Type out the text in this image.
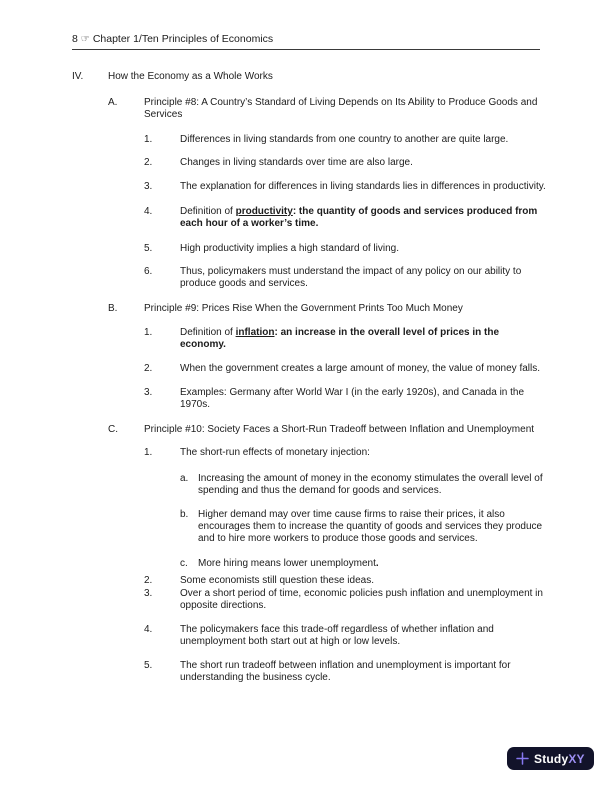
8 ☞ Chapter 1/Ten Principles of Economics
IV.	How the Economy as a Whole Works
A.	Principle #8: A Country’s Standard of Living Depends on Its Ability to Produce Goods and Services
1.	Differences in living standards from one country to another are quite large.
2.	Changes in living standards over time are also large.
3.	The explanation for differences in living standards lies in differences in productivity.
4.	Definition of productivity: the quantity of goods and services produced from each hour of a worker’s time.
5.	High productivity implies a high standard of living.
6.	Thus, policymakers must understand the impact of any policy on our ability to produce goods and services.
B.	Principle #9: Prices Rise When the Government Prints Too Much Money
1.	Definition of inflation: an increase in the overall level of prices in the economy.
2.	When the government creates a large amount of money, the value of money falls.
3.	Examples: Germany after World War I (in the early 1920s), and Canada in the 1970s.
C.	Principle #10: Society Faces a Short-Run Tradeoff between Inflation and Unemployment
1.	The short-run effects of monetary injection:
a. Increasing the amount of money in the economy stimulates the overall level of spending and thus the demand for goods and services.
b. Higher demand may over time cause firms to raise their prices, it also encourages them to increase the quantity of goods and services they produce and to hire more workers to produce those goods and services.
c.	More hiring means lower unemployment.
2.	Some economists still question these ideas.
3.	Over a short period of time, economic policies push inflation and unemployment in opposite directions.
4.	The policymakers face this trade-off regardless of whether inflation and unemployment both start out at high or low levels.
5.	The short run tradeoff between inflation and unemployment is important for understanding the business cycle.
StudyXY
